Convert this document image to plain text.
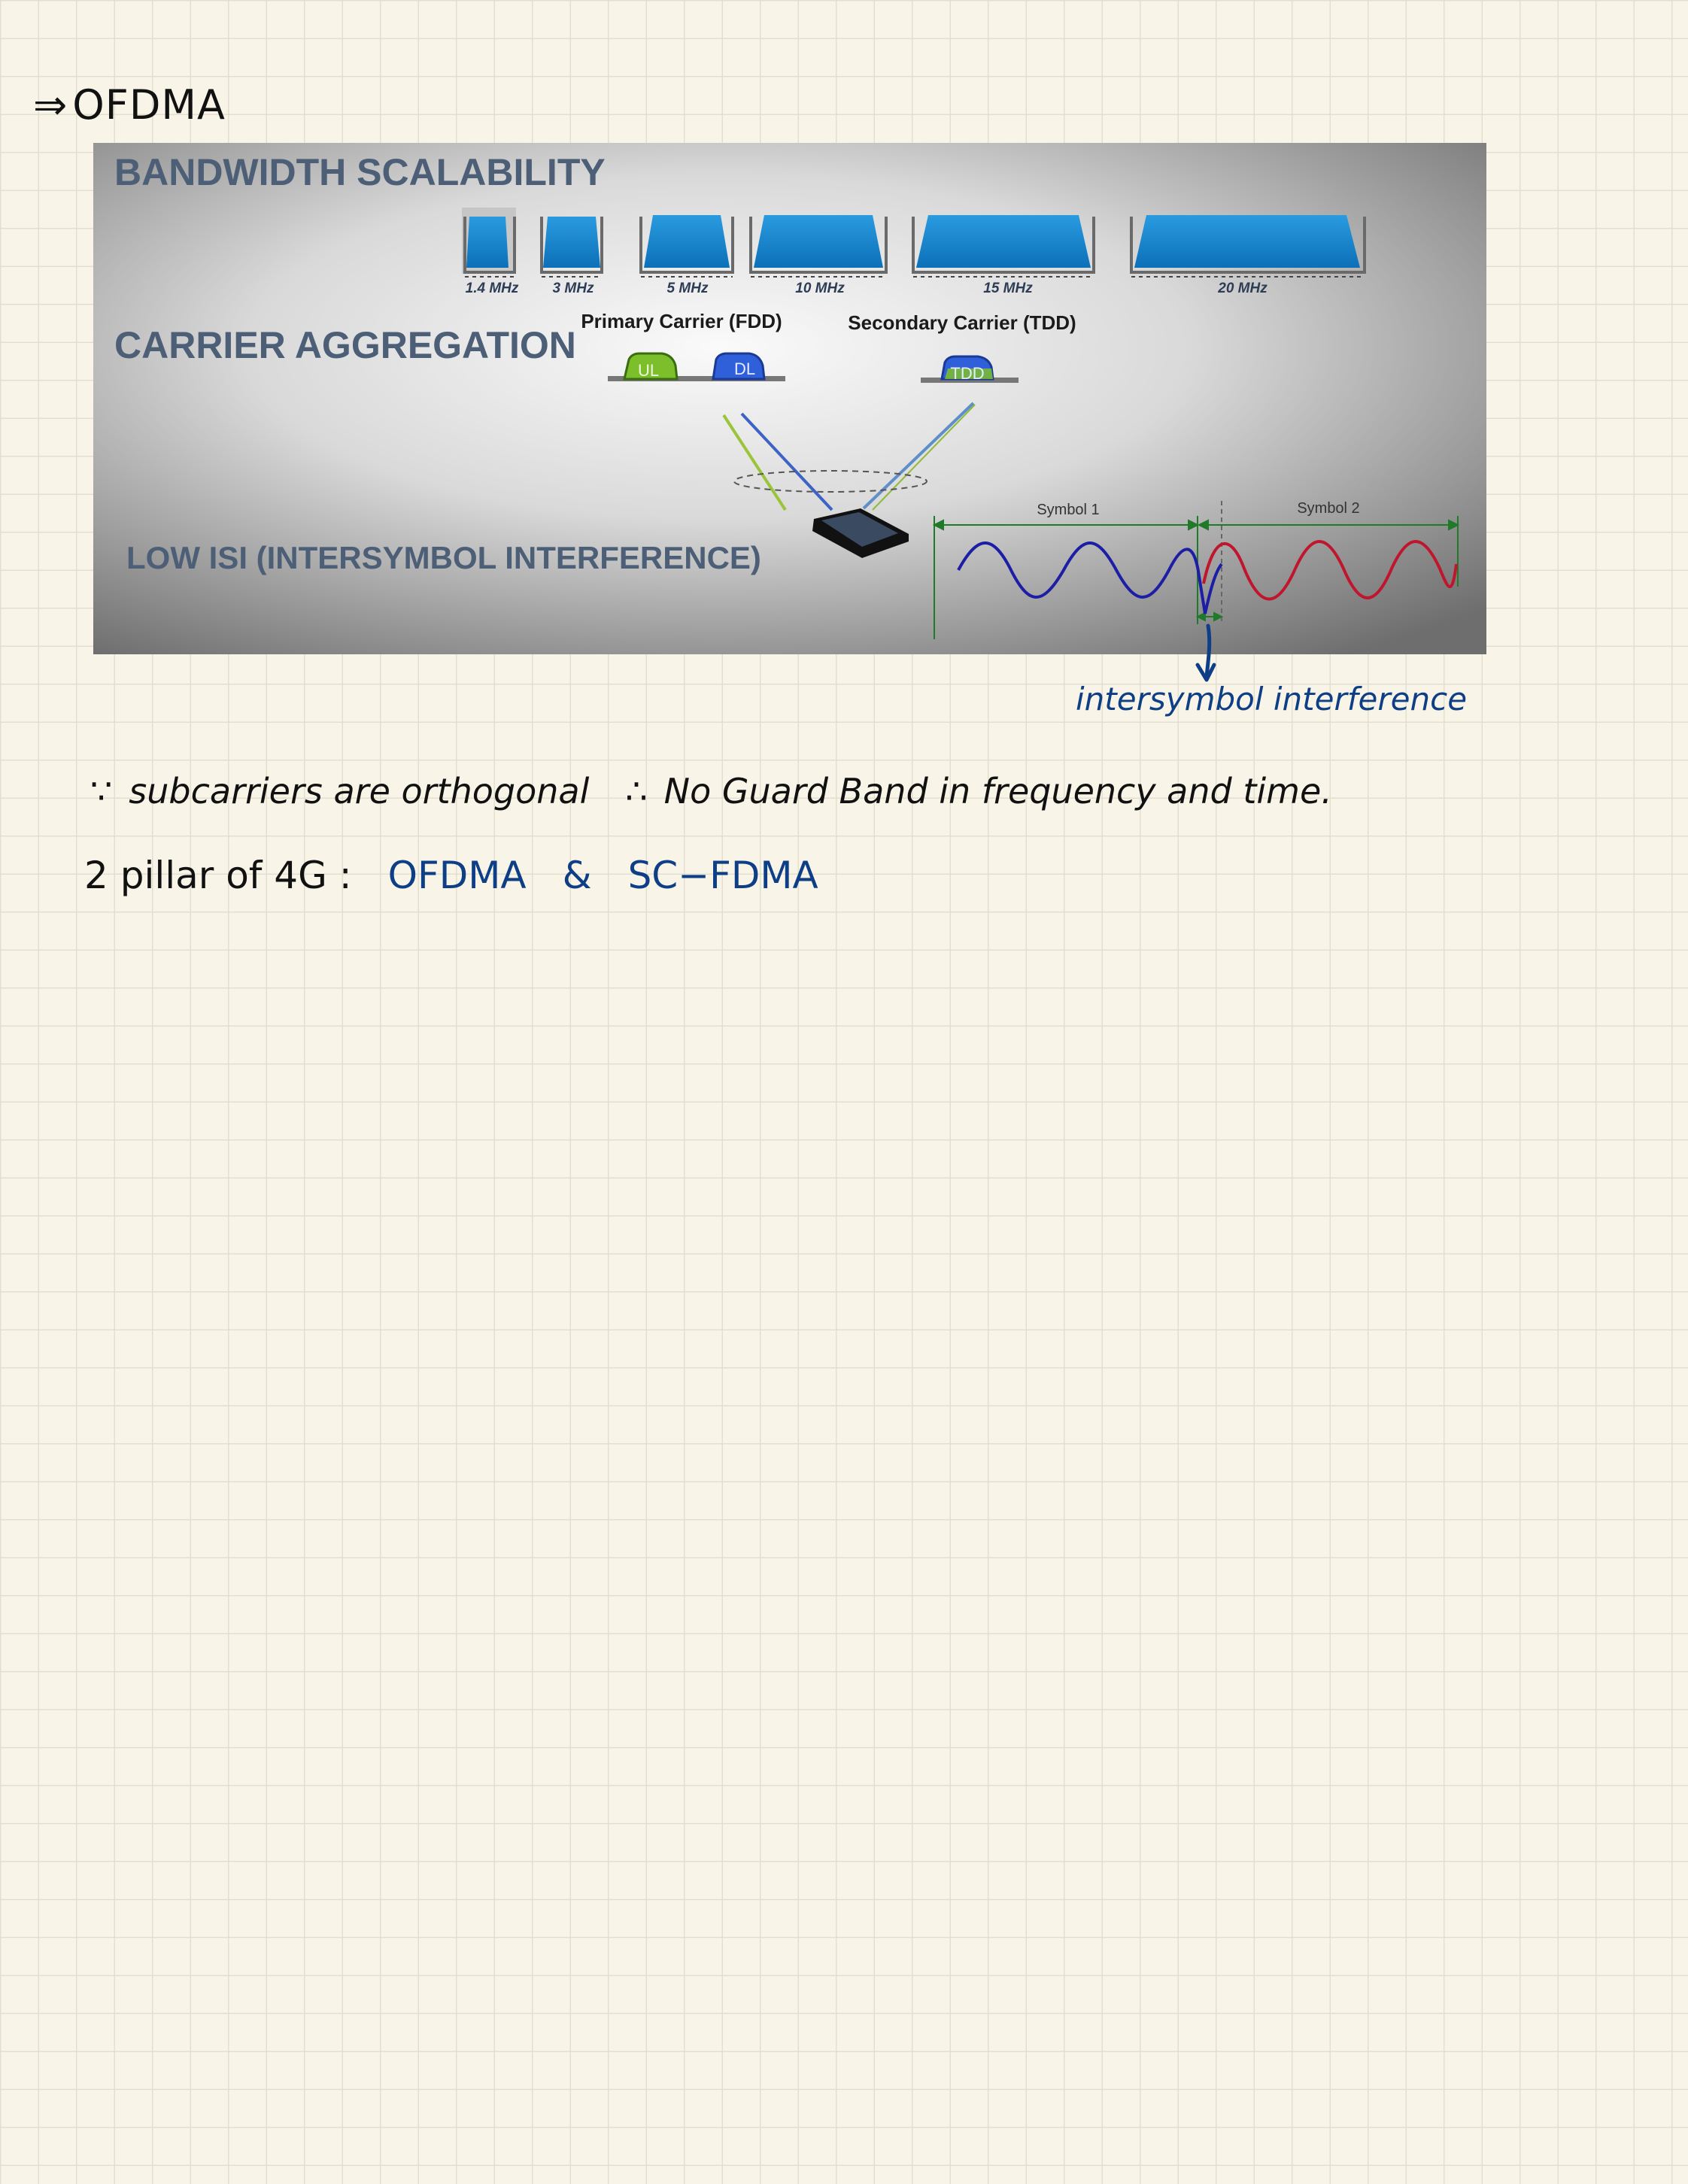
⇒ OFDMA
BANDWIDTH SCALABILITY
CARRIER AGGREGATION
LOW ISI (INTERSYMBOL INTERFERENCE)
1.4 MHz 3 MHz	5 MHz	10 MHz	15 MHz	20 MHz
Primary Carrier (FDD)	Secondary Carrier (TDD)
UL	DL	TDD
Symbol 1	Symbol 2
intersymbol interference
∵ subcarriers are orthogonal ∴ No Guard Band in frequency and time.
2 pillar of 4G : OFDMA & SC−FDMA
